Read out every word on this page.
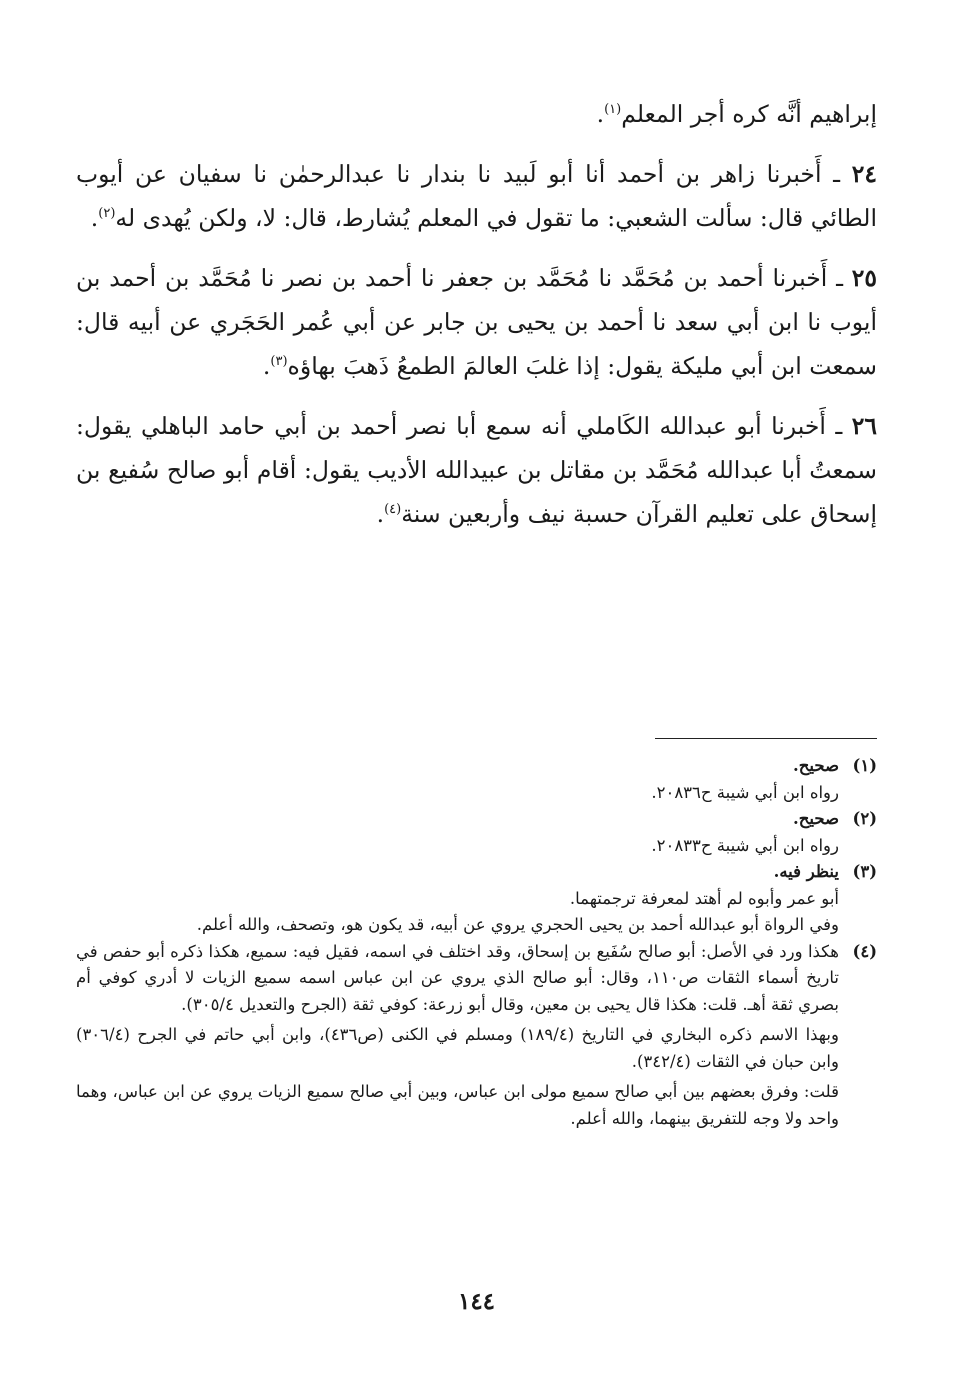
إبراهيم أنَّه كره أجر المعلم$^{(١)}$.

٢٤ ـ أَخبرنا زاهر بن أحمد أنا أبو لَبيد نا بندار نا عبدالرحمٰن نا سفيان عن أيوب الطائي قال: سألت الشعبي: ما تقول في المعلم يُشارط، قال: لا، ولكن يُهدى له$^{(٢)}$.

٢٥ ـ أَخبرنا أحمد بن مُحَمَّد نا مُحَمَّد بن جعفر نا أحمد بن نصر نا مُحَمَّد بن أحمد بن أيوب نا ابن أبي سعد نا أحمد بن يحيى بن جابر عن أبي عُمر الحَجَري عن أبيه قال: سمعت ابن أبي مليكة يقول: إذا غلبَ العالمَ الطمعُ ذَهبَ بهاؤه$^{(٣)}$.

٢٦ ـ أَخبرنا أبو عبدالله الكَاملي أنه سمع أبا نصر أحمد بن أبي حامد الباهلي يقول: سمعتُ أبا عبدالله مُحَمَّد بن مقاتل بن عبيدالله الأديب يقول: أقام أبو صالح سُفيع بن إسحاق على تعليم القرآن حسبة نيف وأربعين سنة$^{(٤)}$.

(١)

صحيح.

رواه ابن أبي شيبة ح٢٠٨٣٦.

(٢)

صحيح.

رواه ابن أبي شيبة ح٢٠٨٣٣.

(٣)

ينظر فيه.

أبو عمر وأبوه لم أهتد لمعرفة ترجمتهما.

وفي الرواة أبو عبدالله أحمد بن يحيى الحجري يروي عن أبيه، قد يكون هو، وتصحف، والله أعلم.

(٤)

هكذا ورد في الأصل: أبو صالح سُفَيع بن إسحاق، وقد اختلف في اسمه، فقيل فيه: سميع، هكذا ذكره أبو حفص في تاريخ أسماء الثقات ص١١٠، وقال: أبو صالح الذي يروي عن ابن عباس اسمه سميع الزيات لا أدري كوفي أم بصري ثقة أهـ. قلت: هكذا قال يحيى بن معين، وقال أبو زرعة: كوفي ثقة (الجرح والتعديل ٣٠٥/٤).

وبهذا الاسم ذكره البخاري في التاريخ (١٨٩/٤) ومسلم في الكنى (ص٤٣٦)، وابن أبي حاتم في الجرح (٣٠٦/٤) وابن حبان في الثقات (٣٤٢/٤).

قلت: وفرق بعضهم بين أبي صالح سميع مولى ابن عباس، وبين أبي صالح سميع الزيات يروي عن ابن عباس، وهما واحد ولا وجه للتفريق بينهما، والله أعلم.

١٤٤
